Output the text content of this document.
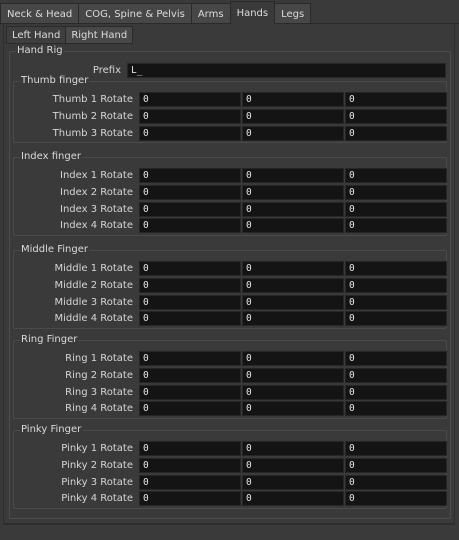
Neck & Head	COG, Spine & Pelvis	Arms	Hands	Legs
Left Hand	Right Hand
Hand Rig
Prefix	L_
Thumb finger
Thumb 1 Rotate	0	0	0
Thumb 2 Rotate	0	0	0
Thumb 3 Rotate	0	0	0
Index finger
Index 1 Rotate	0	0	0
Index 2 Rotate	0	0	0
Index 3 Rotate	0	0	0
Index 4 Rotate	0	0	0
Middle Finger
Middle 1 Rotate	0	0	0
Middle 2 Rotate	0	0	0
Middle 3 Rotate	0	0	0
Middle 4 Rotate	0	0	0
Ring Finger
Ring 1 Rotate	0	0	0
Ring 2 Rotate	0	0	0
Ring 3 Rotate	0	0	0
Ring 4 Rotate	0	0	0
Pinky Finger
Pinky 1 Rotate	0	0	0
Pinky 2 Rotate	0	0	0
Pinky 3 Rotate	0	0	0
Pinky 4 Rotate	0	0	0
